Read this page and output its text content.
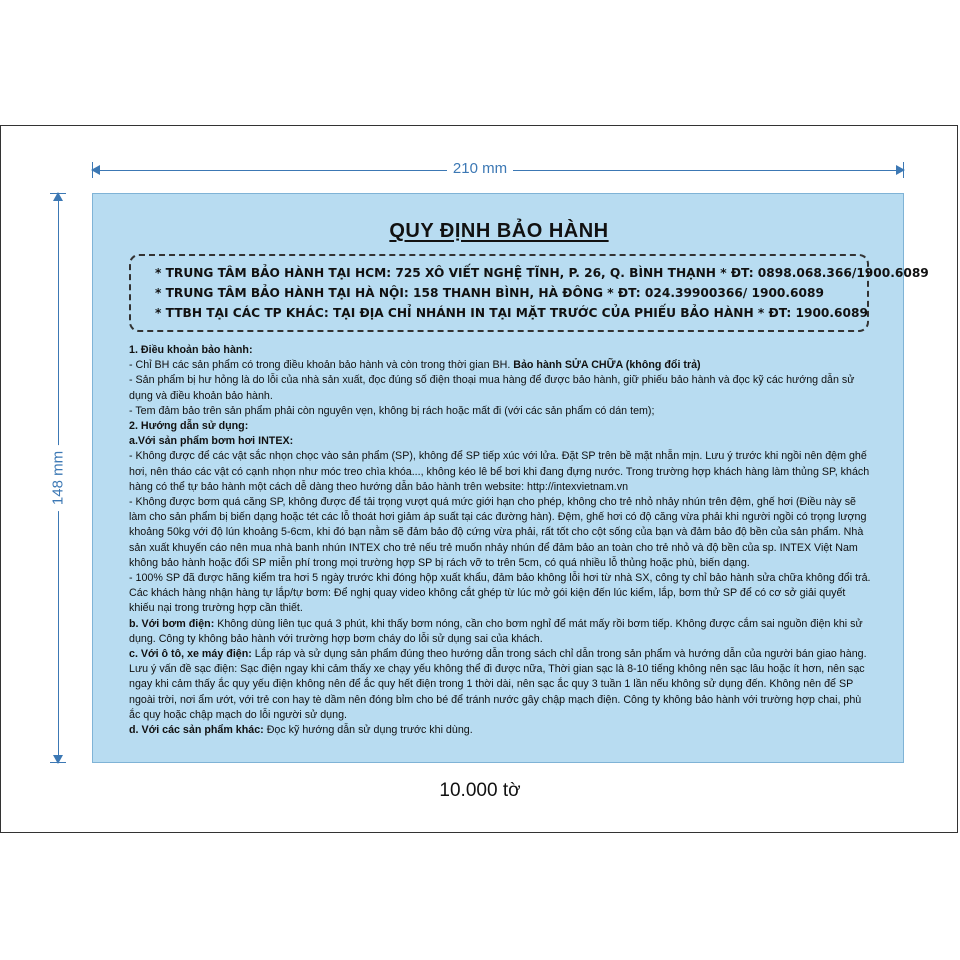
210 mm
148 mm
QUY ĐỊNH BẢO HÀNH
* TRUNG TÂM BẢO HÀNH TẠI HCM: 725 XÔ VIẾT NGHỆ TĨNH, P. 26, Q. BÌNH THẠNH * ĐT: 0898.068.366/1900.6089
* TRUNG TÂM BẢO HÀNH TẠI HÀ NỘI: 158 THANH BÌNH, HÀ ĐÔNG * ĐT: 024.39900366/ 1900.6089
* TTBH TẠI CÁC TP KHÁC: TẠI ĐỊA CHỈ NHÁNH IN TẠI MẶT TRƯỚC CỦA PHIẾU BẢO HÀNH * ĐT: 1900.6089

1. Điều khoản bảo hành:

- Chỉ BH các sản phẩm có trong điều khoản bảo hành và còn trong thời gian BH. Bảo hành SỬA CHỮA (không đổi trả)

- Sản phẩm bị hư hỏng là do lỗi của nhà sản xuất, đọc đúng số điện thoại mua hàng để được bảo hành, giữ phiếu bảo hành và đọc kỹ các hướng dẫn sử dụng và điều khoản bảo hành.

- Tem đảm bảo trên sản phẩm phải còn nguyên vẹn, không bị rách hoặc mất đi (với các sản phẩm có dán tem);

2. Hướng dẫn sử dụng:

a.Với sản phẩm bơm hơi INTEX:

- Không được để các vật sắc nhọn chọc vào sản phẩm (SP), không để SP tiếp xúc với lửa. Đặt SP trên bề mặt nhẵn mịn. Lưu ý trước khi ngồi nên đệm ghế hơi, nên tháo các vật có cạnh nhọn như móc treo chìa khóa..., không kéo lê bể bơi khi đang đựng nước. Trong trường hợp khách hàng làm thủng SP, khách hàng có thể tự bảo hành một cách dễ dàng theo hướng dẫn bảo hành trên website: http://intexvietnam.vn

- Không được bơm quá căng SP, không được để tải trọng vượt quá mức giới hạn cho phép, không cho trẻ nhỏ nhảy nhún trên đệm, ghế hơi (Điều này sẽ làm cho sản phẩm bị biến dạng hoặc tét các lỗ thoát hơi giảm áp suất tại các đường hàn). Đệm, ghế hơi có độ căng vừa phải khi người ngồi có trọng lượng khoảng 50kg với độ lún khoảng 5-6cm, khi đó bạn nằm sẽ đảm bảo độ cứng vừa phải, rất tốt cho cột sống của bạn và đảm bảo độ bền của sản phẩm. Nhà sản xuất khuyến cáo nên mua nhà banh nhún INTEX cho trẻ nếu trẻ muốn nhảy nhún để đảm bảo an toàn cho trẻ nhỏ và độ bền của sp. INTEX Việt Nam không bảo hành hoặc đổi SP miễn phí trong mọi trường hợp SP bị rách vỡ to trên 5cm, có quá nhiều lỗ thủng hoặc phù, biến dạng.

- 100% SP đã được hãng kiểm tra hơi 5 ngày trước khi đóng hộp xuất khẩu, đảm bảo không lỗi hơi từ nhà SX, công ty chỉ bảo hành sửa chữa không đổi trả. Các khách hàng nhận hàng tự lắp/tự bơm: Để nghị quay video không cắt ghép từ lúc mở gói kiện đến lúc kiểm, lắp, bơm thử SP để có cơ sở giải quyết khiếu nại trong trường hợp cần thiết.

b. Với bơm điện: Không dùng liên tục quá 3 phút, khi thấy bơm nóng, cần cho bơm nghỉ để mát mấy rồi bơm tiếp. Không được cắm sai nguồn điện khi sử dụng. Công ty không bảo hành với trường hợp bơm cháy do lỗi sử dụng sai của khách.

c. Với ô tô, xe máy điện: Lắp ráp và sử dụng sản phẩm đúng theo hướng dẫn trong sách chỉ dẫn trong sản phẩm và hướng dẫn của người bán giao hàng. Lưu ý vấn đề sạc điện: Sạc điện ngay khi cảm thấy xe chạy yếu không thể đi được nữa, Thời gian sạc là 8-10 tiếng không nên sạc lâu hoặc ít hơn, nên sạc ngay khi cảm thấy ắc quy yếu điện không nên để ắc quy hết điện trong 1 thời dài, nên sạc ắc quy 3 tuần 1 lần nếu không sử dụng đến. Không nên để SP ngoài trời, nơi ẩm ướt, với trẻ con hay tè dầm nên đóng bỉm cho bé để tránh nước gây chập mạch điện. Công ty không bảo hành với trường hợp chai, phù ắc quy hoặc chập mạch do lỗi người sử dụng.

d. Với các sản phẩm khác: Đọc kỹ hướng dẫn sử dụng trước khi dùng.

10.000 tờ
